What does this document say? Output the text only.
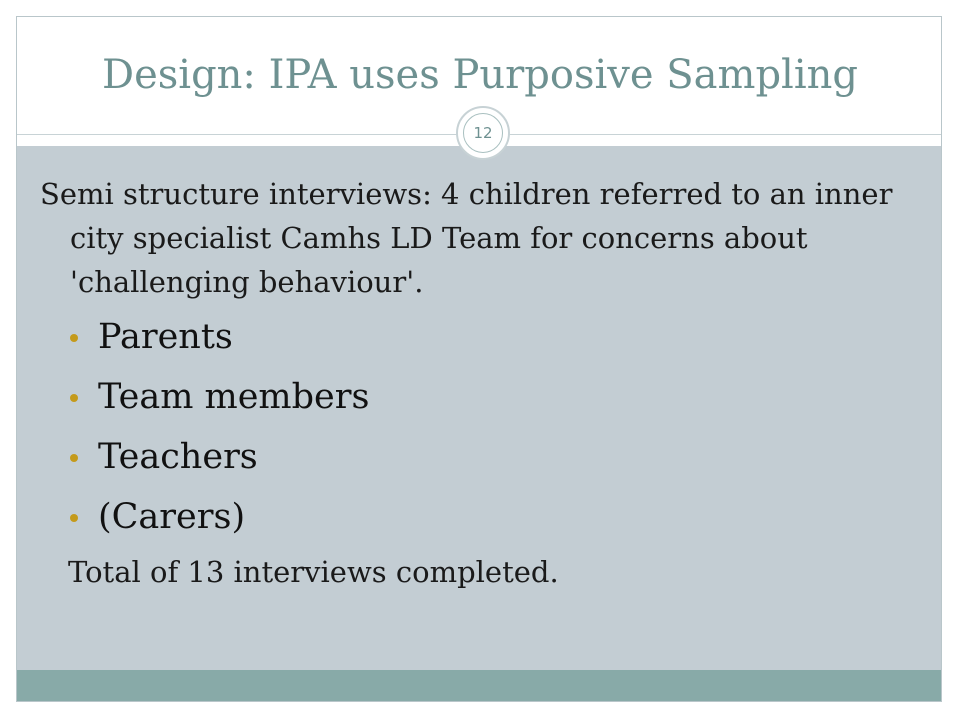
Design: IPA uses Purposive Sampling
12

Semi structure interviews: 4 children referred to an inner city specialist Camhs LD Team for concerns about 'challenging behaviour'.

Parents
Team members
Teachers
(Carers)

Total of 13 interviews completed.
